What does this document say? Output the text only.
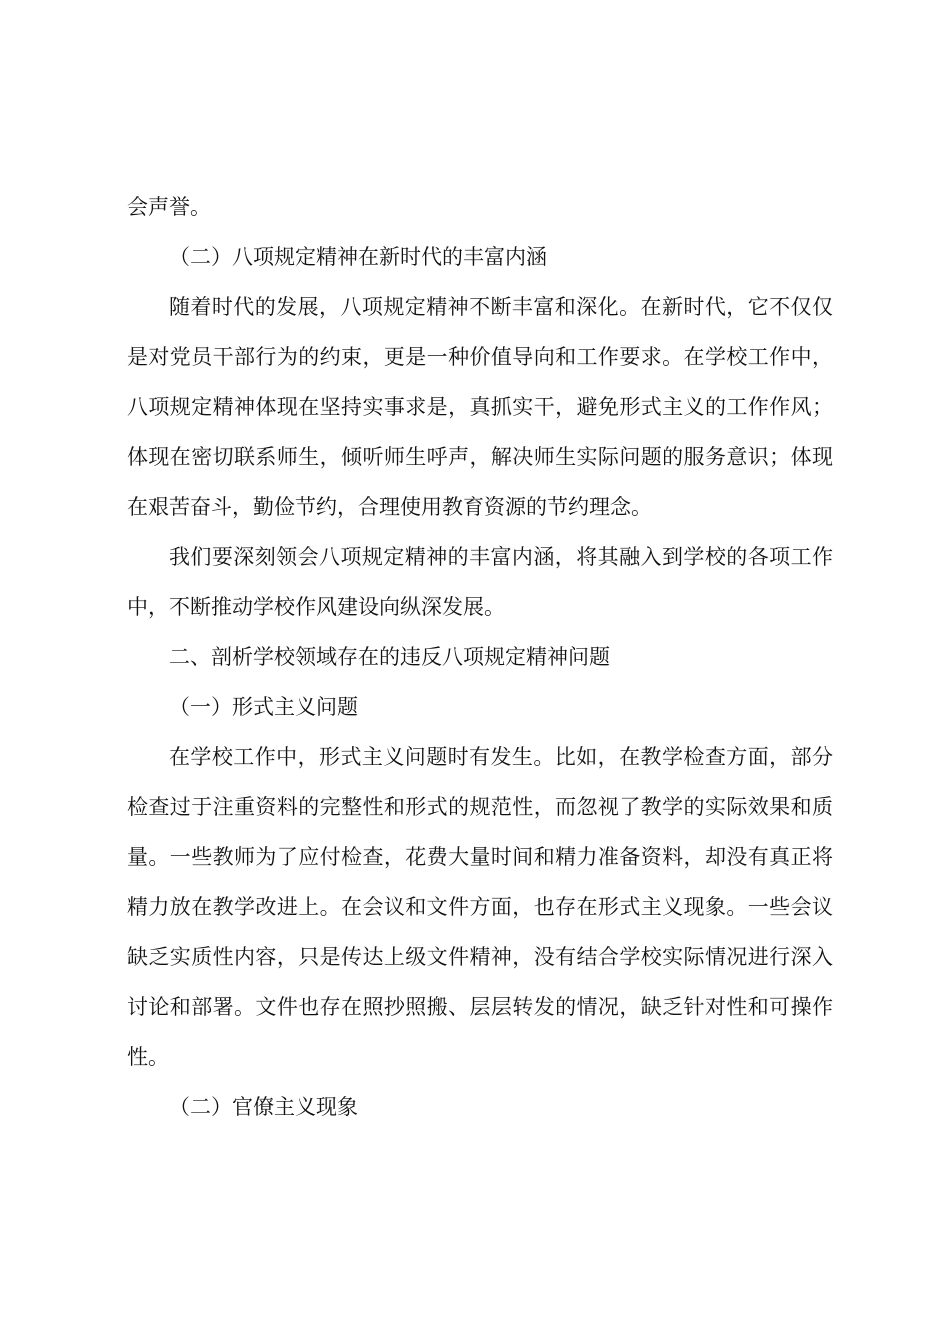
会声誉。

（二）八项规定精神在新时代的丰富内涵

随着时代的发展，八项规定精神不断丰富和深化。在新时代，它不仅仅是对党员干部行为的约束，更是一种价值导向和工作要求。在学校工作中，八项规定精神体现在坚持实事求是，真抓实干，避免形式主义的工作作风；体现在密切联系师生，倾听师生呼声，解决师生实际问题的服务意识；体现在艰苦奋斗，勤俭节约，合理使用教育资源的节约理念。

我们要深刻领会八项规定精神的丰富内涵，将其融入到学校的各项工作中，不断推动学校作风建设向纵深发展。

二、剖析学校领域存在的违反八项规定精神问题

（一）形式主义问题

在学校工作中，形式主义问题时有发生。比如，在教学检查方面，部分检查过于注重资料的完整性和形式的规范性，而忽视了教学的实际效果和质量。一些教师为了应付检查，花费大量时间和精力准备资料，却没有真正将精力放在教学改进上。在会议和文件方面，也存在形式主义现象。一些会议缺乏实质性内容，只是传达上级文件精神，没有结合学校实际情况进行深入讨论和部署。文件也存在照抄照搬、层层转发的情况，缺乏针对性和可操作性。

（二）官僚主义现象
